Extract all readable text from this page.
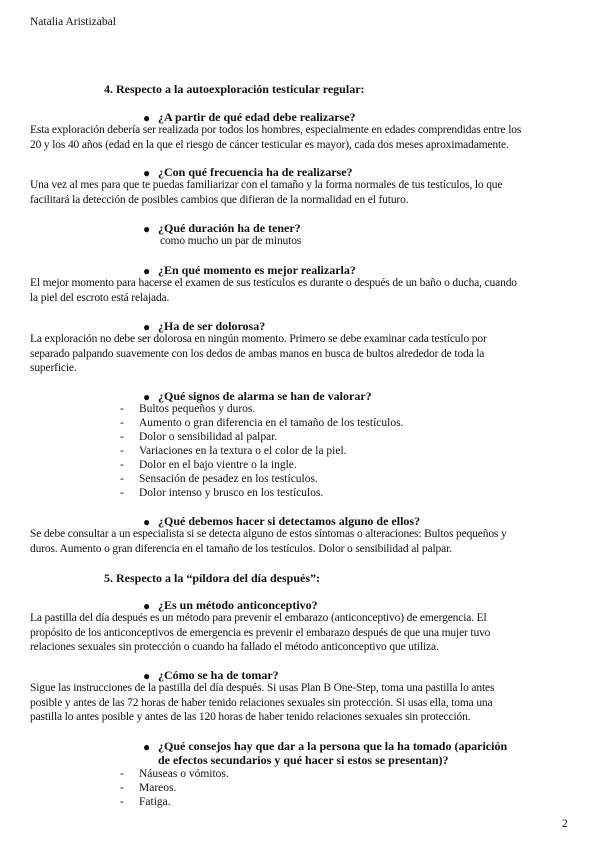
Natalia Aristizabal
4. Respecto a la autoexploración testicular regular:
● ¿A partir de qué edad debe realizarse?
Esta exploración debería ser realizada por todos los hombres, especialmente en edades comprendidas entre los
20 y los 40 años (edad en la que el riesgo de cáncer testicular es mayor), cada dos meses aproximadamente.
● ¿Con qué frecuencia ha de realizarse?
Una vez al mes para que te puedas familiarizar con el tamaño y la forma normales de tus testículos, lo que
facilitará la detección de posibles cambios que difieran de la normalidad en el futuro.
● ¿Qué duración ha de tener?
como mucho un par de minutos
● ¿En qué momento es mejor realizarla?
El mejor momento para hacerse el examen de sus testículos es durante o después de un baño o ducha, cuando
la piel del escroto está relajada.
● ¿Ha de ser dolorosa?
La exploración no debe ser dolorosa en ningún momento. Primero se debe examinar cada testículo por
separado palpando suavemente con los dedos de ambas manos en busca de bultos alrededor de toda la
superficie.
● ¿Qué signos de alarma se han de valorar?
- Bultos pequeños y duros.
- Aumento o gran diferencia en el tamaño de los testículos.
- Dolor o sensibilidad al palpar.
- Variaciones en la textura o el color de la piel.
- Dolor en el bajo vientre o la ingle.
- Sensación de pesadez en los testículos.
- Dolor intenso y brusco en los testículos.
● ¿Qué debemos hacer si detectamos alguno de ellos?
Se debe consultar a un especialista si se detecta alguno de estos síntomas o alteraciones: Bultos pequeños y
duros. Aumento o gran diferencia en el tamaño de los testículos. Dolor o sensibilidad al palpar.
5. Respecto a la “píldora del día después”:
● ¿Es un método anticonceptivo?
La pastilla del día después es un método para prevenir el embarazo (anticonceptivo) de emergencia. El
propósito de los anticonceptivos de emergencia es prevenir el embarazo después de que una mujer tuvo
relaciones sexuales sin protección o cuando ha fallado el método anticonceptivo que utiliza.
● ¿Cómo se ha de tomar?
Sigue las instrucciones de la pastilla del día después. Si usas Plan B One-Step, toma una pastilla lo antes
posible y antes de las 72 horas de haber tenido relaciones sexuales sin protección. Si usas ella, toma una
pastilla lo antes posible y antes de las 120 horas de haber tenido relaciones sexuales sin protección.
● ¿Qué consejos hay que dar a la persona que la ha tomado (aparición
de efectos secundarios y qué hacer si estos se presentan)?
- Náuseas o vómitos.
- Mareos.
- Fatiga.
2
